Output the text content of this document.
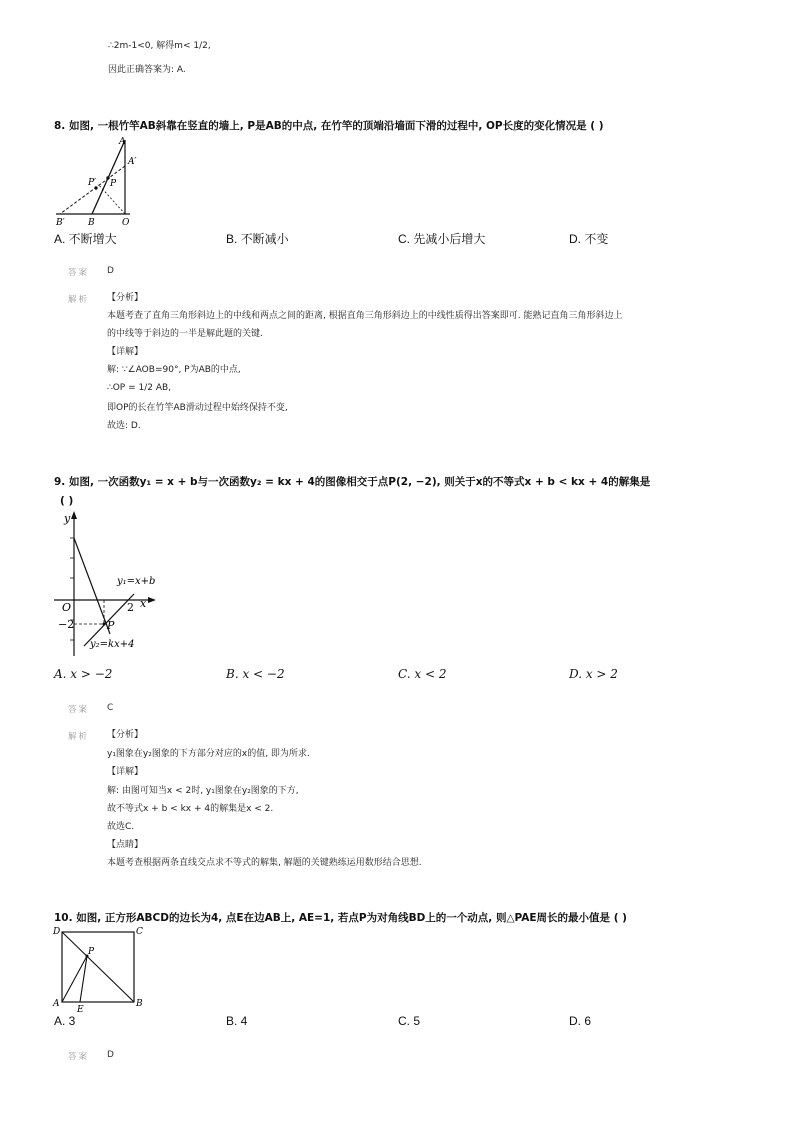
∴2m-1<0, 解得m< 1/2,
因此正确答案为: A.
8. 如图, 一根竹竿AB斜靠在竖直的墙上, P是AB的中点, 在竹竿的顶端沿墙面下滑的过程中, OP长度的变化情况是 ( )
A
A′
P′ P
B′	B	O
A. 不断增大	B. 不断减小	C. 先减小后增大	D. 不变
答案 D
解析 【分析】
本题考查了直角三角形斜边上的中线和两点之间的距离, 根据直角三角形斜边上的中线性质得出答案即可. 能熟记直角三角形斜边上
的中线等于斜边的一半是解此题的关键.
【详解】
解: ∵∠AOB=90°, P为AB的中点,
∴OP = 1/2 AB,
即OP的长在竹竿AB滑动过程中始终保持不变,
故选: D.
9. 如图, 一次函数y₁ = x + b与一次函数y₂ = kx + 4的图像相交于点P(2, −2), 则关于x的不等式x + b < kx + 4的解集是
( )
y
x
O	2
−2	P
y₁=x+b
y₂=kx+4
A. x > −2	B. x < −2	C. x < 2	D. x > 2
答案 C
解析 【分析】
y₁图象在y₂图象的下方部分对应的x的值, 即为所求.
【详解】
解: 由图可知当x < 2时, y₁图象在y₂图象的下方,
故不等式x + b < kx + 4的解集是x < 2.
故选C.
【点睛】
本题考查根据两条直线交点求不等式的解集, 解题的关键熟练运用数形结合思想.
10. 如图, 正方形ABCD的边长为4, 点E在边AB上, AE=1, 若点P为对角线BD上的一个动点, 则△PAE周长的最小值是 ( )
D	C
P
A
E
B
A. 3	B. 4	C. 5	D. 6
答案 D
